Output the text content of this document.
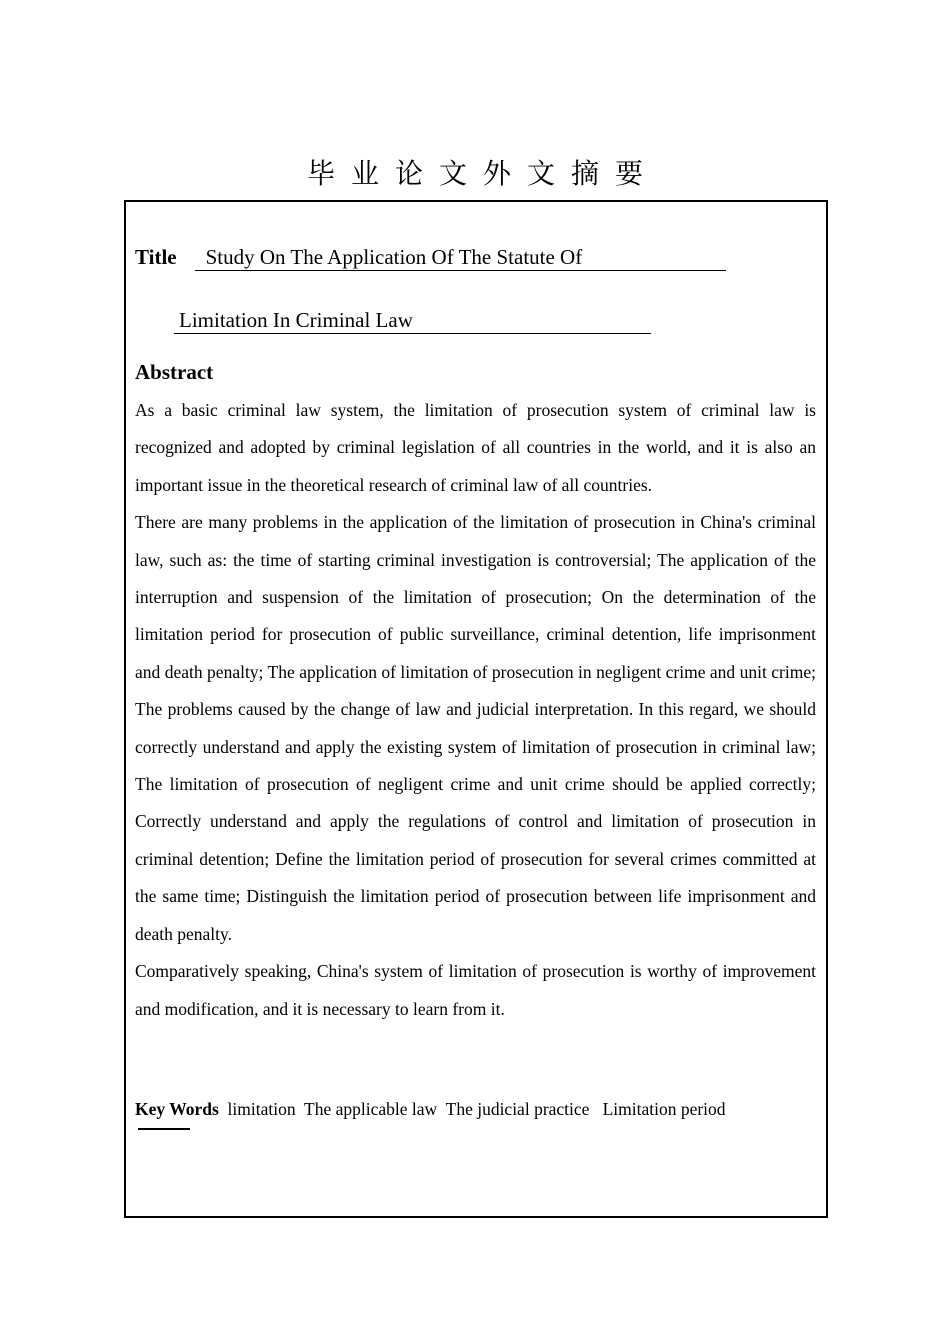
毕业论文外文摘要
Title Study On The Application Of The Statute Of
Limitation In Criminal Law
Abstract

As a basic criminal law system, the limitation of prosecution system of criminal law is recognized and adopted by criminal legislation of all countries in the world, and it is also an important issue in the theoretical research of criminal law of all countries.

There are many problems in the application of the limitation of prosecution in China's criminal law, such as: the time of starting criminal investigation is controversial; The application of the interruption and suspension of the limitation of prosecution; On the determination of the limitation period for prosecution of public surveillance, criminal detention, life imprisonment and death penalty; The application of limitation of prosecution in negligent crime and unit crime; The problems caused by the change of law and judicial interpretation. In this regard, we should correctly understand and apply the existing system of limitation of prosecution in criminal law; The limitation of prosecution of negligent crime and unit crime should be applied correctly; Correctly understand and apply the regulations of control and limitation of prosecution in criminal detention; Define the limitation period of prosecution for several crimes committed at the same time; Distinguish the limitation period of prosecution between life imprisonment and death penalty.

Comparatively speaking, China's system of limitation of prosecution is worthy of improvement and modification, and it is necessary to learn from it.

Key Words limitation The applicable law The judicial practice   Limitation period
